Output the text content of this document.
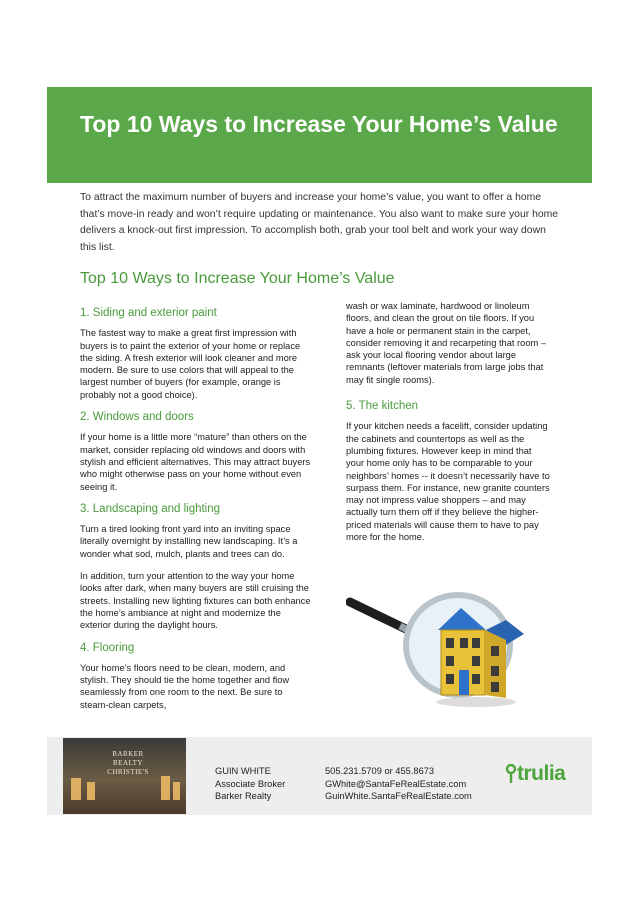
Top 10 Ways to Increase Your Home’s Value

To attract the maximum number of buyers and increase your home’s value, you want to offer a home that’s move-in ready and won’t require updating or maintenance. You also want to make sure your home delivers a knock-out first impression. To accomplish both, grab your tool belt and work your way down this list.

Top 10 Ways to Increase Your Home’s Value
1. Siding and exterior paint

The fastest way to make a great first impression with buyers is to paint the exterior of your home or replace the siding. A fresh exterior will look cleaner and more modern. Be sure to use colors that will appeal to the largest number of buyers (for example, orange is probably not a good choice).

2. Windows and doors

If your home is a little more “mature” than others on the market, consider replacing old windows and doors with stylish and efficient alternatives. This may attract buyers who might otherwise pass on your home without even seeing it.

3. Landscaping and lighting

Turn a tired looking front yard into an inviting space literally overnight by installing new landscaping. It’s a wonder what sod, mulch, plants and trees can do.

In addition, turn your attention to the way your home looks after dark, when many buyers are still cruising the streets. Installing new lighting fixtures can both enhance the home’s ambiance at night and modernize the exterior during the daylight hours.

4. Flooring

Your home’s floors need to be clean, modern, and stylish. They should tie the home together and flow seamlessly from one room to the next. Be sure to steam-clean carpets,

wash or wax laminate, hardwood or linoleum floors, and clean the grout on tile floors. If you have a hole or permanent stain in the carpet, consider removing it and recarpeting that room – ask your local flooring vendor about large remnants (leftover materials from large jobs that may fit single rooms).

5. The kitchen

If your kitchen needs a facelift, consider updating the cabinets and countertops as well as the plumbing fixtures. However keep in mind that your home only has to be comparable to your neighbors’ homes -- it doesn’t necessarily have to surpass them. For instance, new granite counters may not impress value shoppers – and may actually turn them off if they believe the higher-priced materials will cause them to have to pay more for the home.

BARKER REALTY CHRISTIE'S	GUIN WHITE
Associate Broker
Barker Realty
505.231.5709 or 455.8673
GWhite@SantaFeRealEstate.com
GuinWhite.SantaFeRealEstate.com
trulia
